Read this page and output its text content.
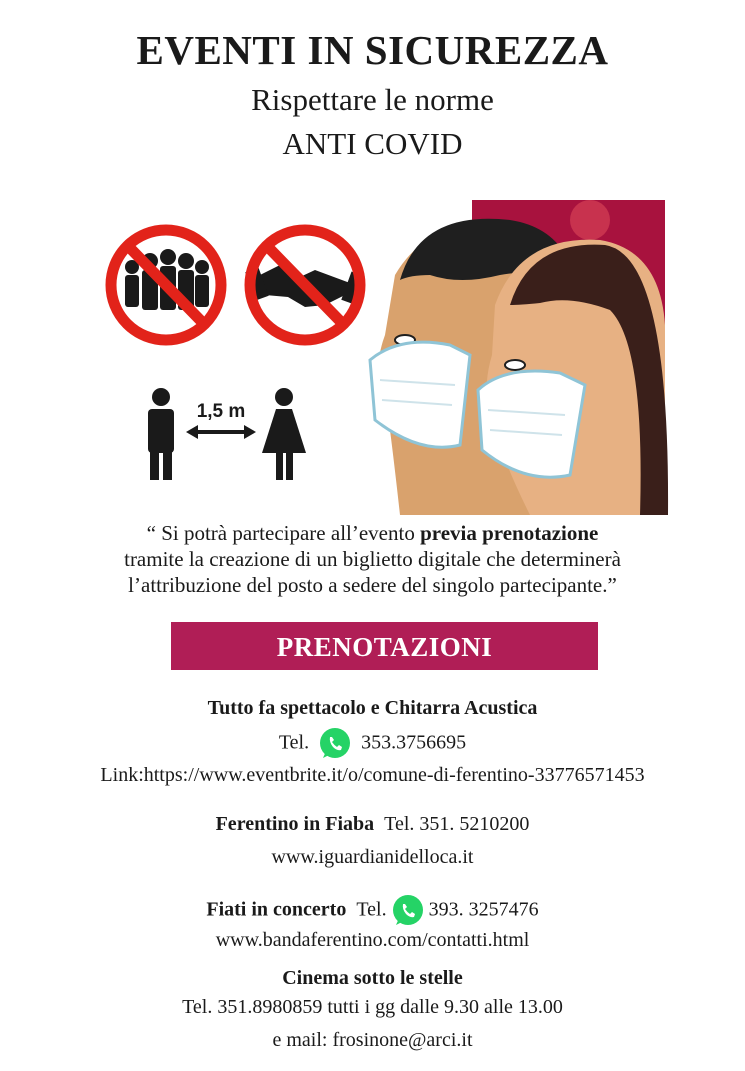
EVENTI IN SICUREZZA
Rispettare le norme
ANTI COVID
1,5 m
“ Si potrà partecipare all’evento previa prenotazione
tramite la creazione di un biglietto digitale che determinerà
l’attribuzione del posto a sedere del singolo partecipante.”
PRENOTAZIONI
Tutto fa spettacolo e Chitarra Acustica
Tel.	353.3756695
Link:https://www.eventbrite.it/o/comune-di-ferentino-33776571453
Ferentino in Fiaba Tel. 351. 5210200
www.iguardianidelloca.it
Fiati in concerto Tel. 393. 3257476
www.bandaferentino.com/contatti.html
Cinema sotto le stelle
Tel. 351.8980859 tutti i gg dalle 9.30 alle 13.00
e mail: frosinone@arci.it
